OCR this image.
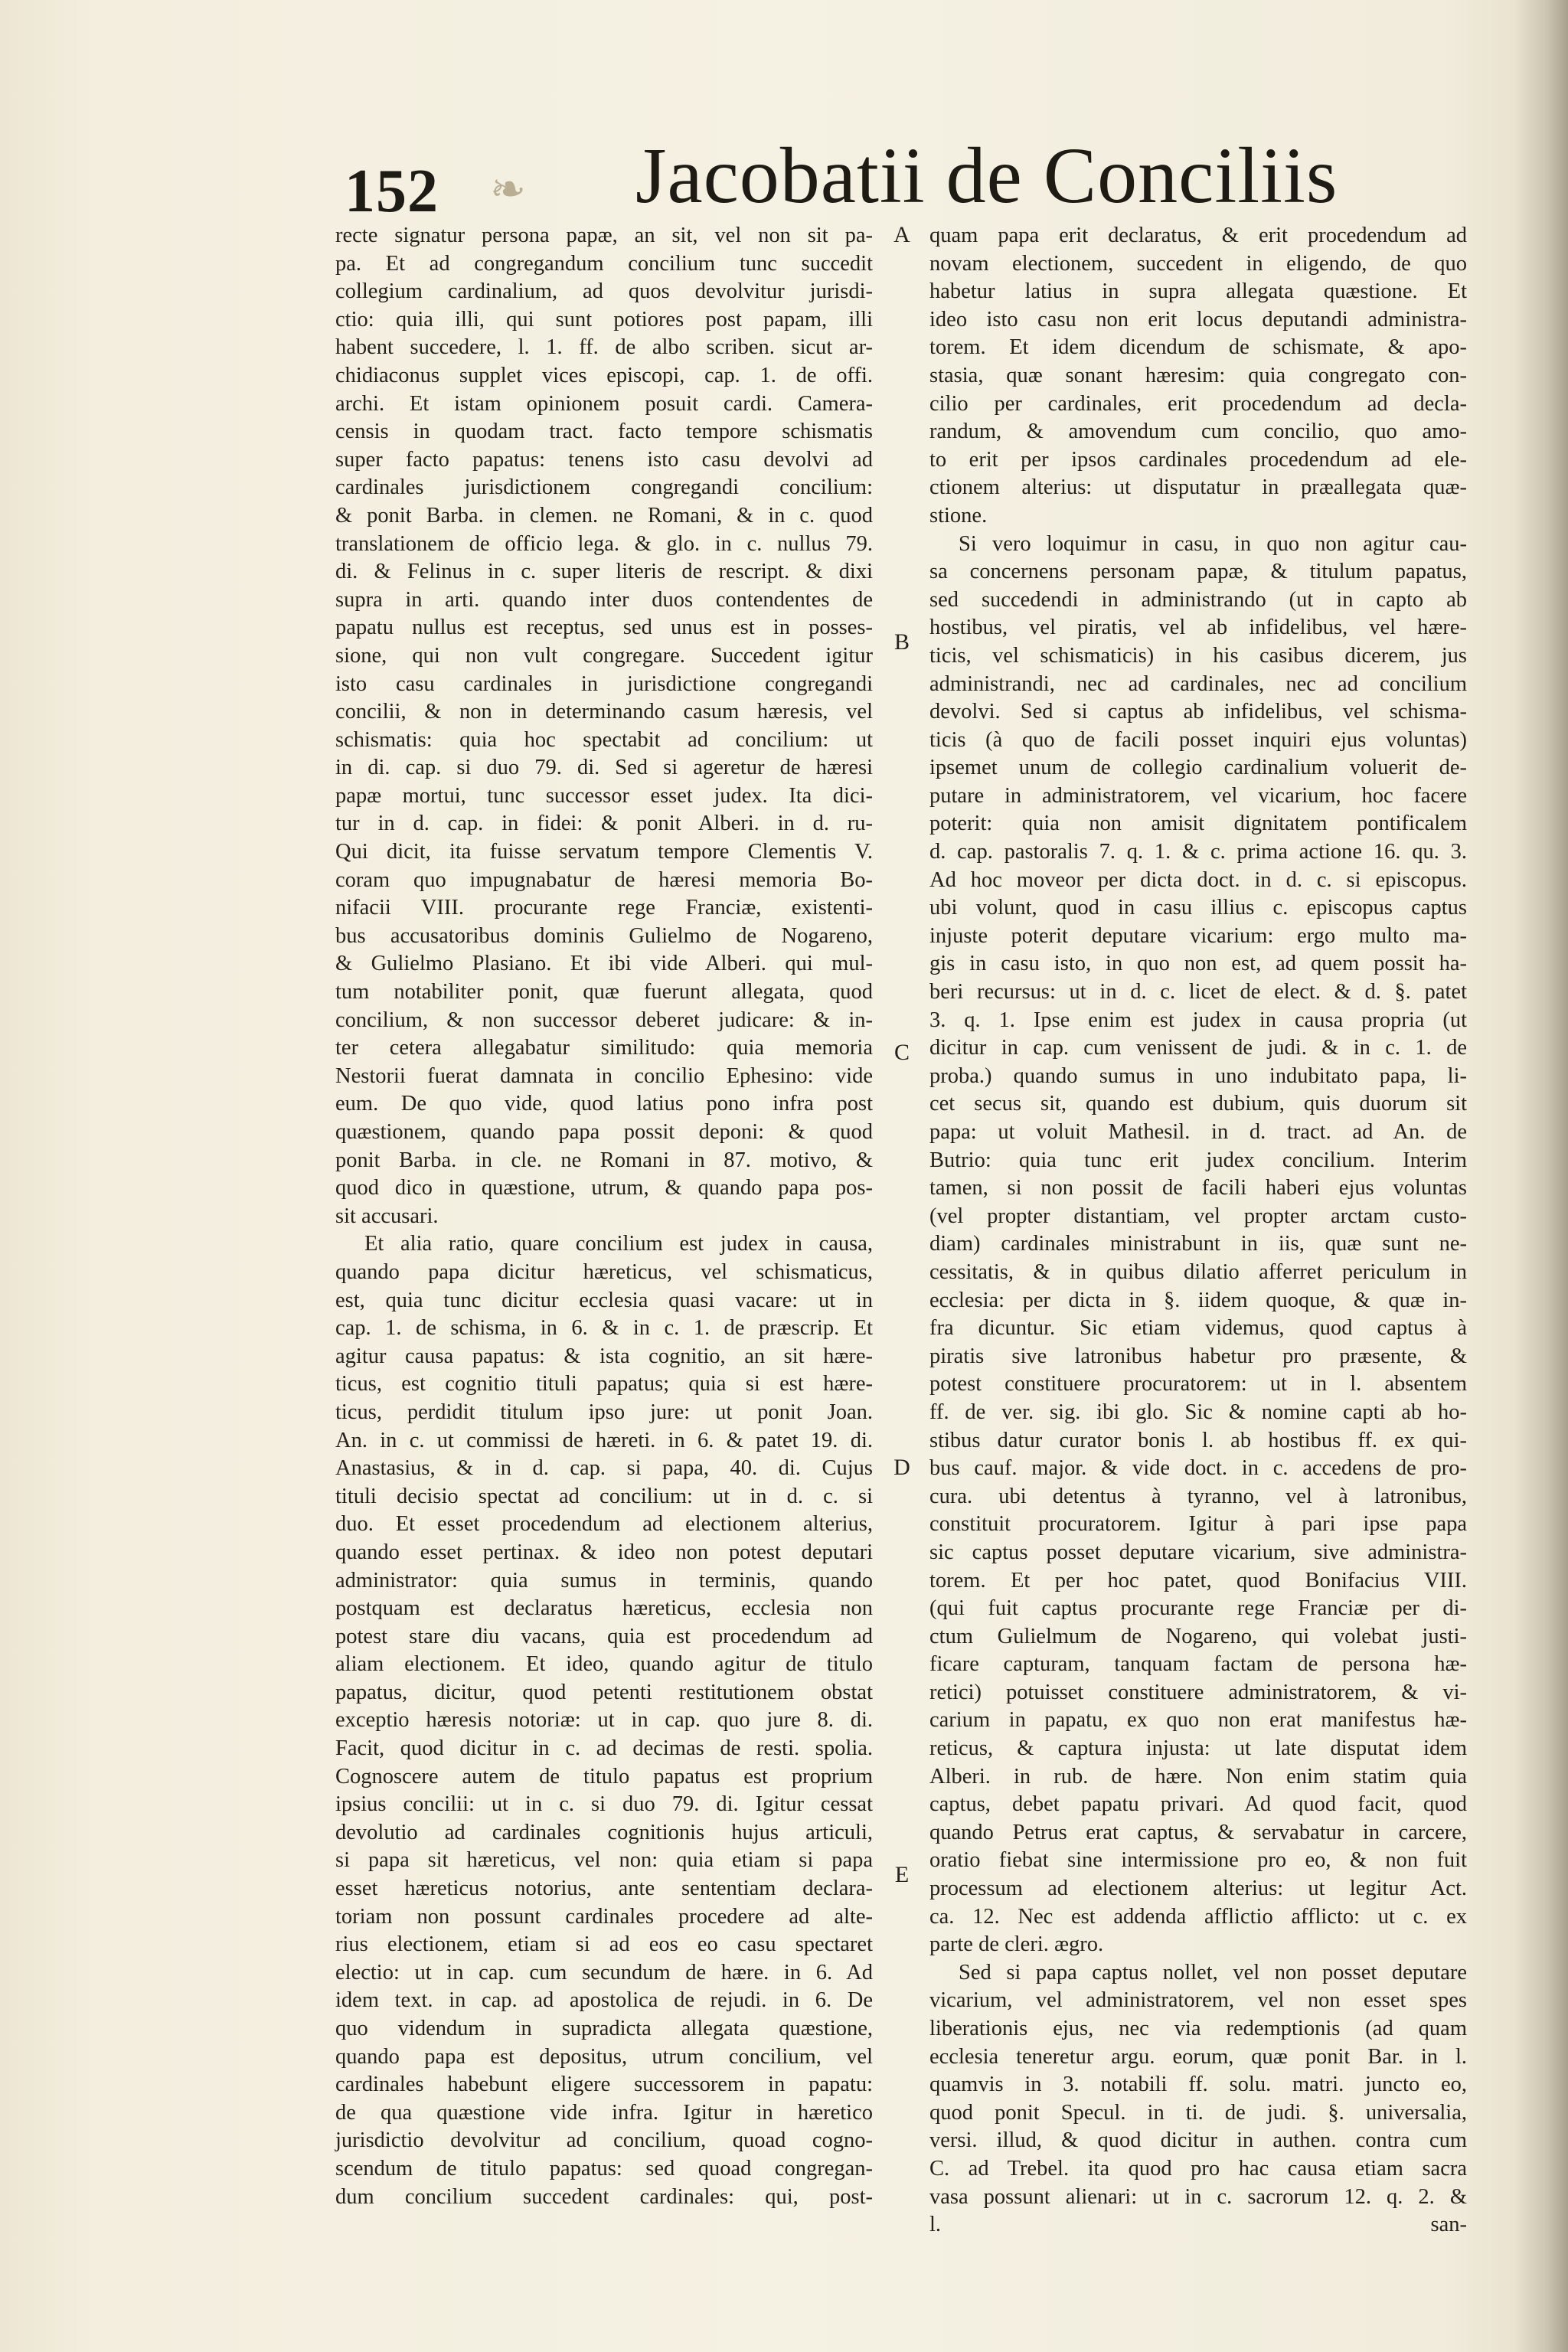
152 ❧ Jacobatii de Conciliis
recte signatur persona papæ, an sit, vel non sit pa-
pa. Et ad congregandum concilium tunc succedit
collegium cardinalium, ad quos devolvitur jurisdi-
ctio: quia illi, qui sunt potiores post papam, illi
habent succedere, l. 1. ff. de albo scriben. sicut ar-
chidiaconus supplet vices episcopi, cap. 1. de offi.
archi. Et istam opinionem posuit cardi. Camera-
censis in quodam tract. facto tempore schismatis
super facto papatus: tenens isto casu devolvi ad
cardinales jurisdictionem congregandi concilium:
& ponit Barba. in clemen. ne Romani, & in c. quod
translationem de officio lega. & glo. in c. nullus 79.
di. & Felinus in c. super literis de rescript. & dixi
supra in arti. quando inter duos contendentes de
papatu nullus est receptus, sed unus est in posses-
sione, qui non vult congregare. Succedent igitur
isto casu cardinales in jurisdictione congregandi
concilii, & non in determinando casum hæresis, vel
schismatis: quia hoc spectabit ad concilium: ut
in di. cap. si duo 79. di. Sed si agеretur de hæresi
papæ mortui, tunc successor esset judex. Ita dici-
tur in d. cap. in fidei: & ponit Alberi. in d. ru-
Qui dicit, ita fuisse servatum tempore Clementis V.
coram quo impugnabatur de hæresi memoria Bo-
nifacii VIII. procurante rege Franciæ, existenti-
bus accusatoribus dominis Gulielmo de Nogareno,
& Gulielmo Plasiano. Et ibi vide Alberi. qui mul-
tum notabiliter ponit, quæ fuerunt allegata, quod
concilium, & non successor deberet judicare: & in-
ter cetera allegabatur similitudo: quia memoria
Nestorii fuerat damnata in concilio Ephesino: vide
eum. De quo vide, quod latius pono infra post
quæstionem, quando papa possit deponi: & quod
ponit Barba. in cle. ne Romani in 87. motivo, &
quod dico in quæstione, utrum, & quando papa pos-
sit accusari.
Et alia ratio, quare concilium est judex in causa,
quando papa dicitur hæreticus, vel schismaticus,
est, quia tunc dicitur ecclesia quasi vacare: ut in
cap. 1. de schisma, in 6. & in c. 1. de præscrip. Et
agitur causa papatus: & ista cognitio, an sit hære-
ticus, est cognitio tituli papatus; quia si est hære-
ticus, perdidit titulum ipso jure: ut ponit Joan.
An. in c. ut commissi de hæreti. in 6. & patet 19. di.
Anastasius, & in d. cap. si papa, 40. di. Cujus
tituli decisio spectat ad concilium: ut in d. c. si
duo. Et esset procedendum ad electionem alterius,
quando esset pertinax. & ideo non potest deputari
administrator: quia sumus in terminis, quando
postquam est declaratus hæreticus, ecclesia non
potest stare diu vacans, quia est procedendum ad
aliam electionem. Et ideo, quando agitur de titulo
papatus, dicitur, quod petenti restitutionem obstat
exceptio hæresis notoriæ: ut in cap. quo jure 8. di.
Facit, quod dicitur in c. ad decimas de resti. spolia.
Cognoscere autem de titulo papatus est proprium
ipsius concilii: ut in c. si duo 79. di. Igitur cessat
devolutio ad cardinales cognitionis hujus articuli,
si papa sit hæreticus, vel non: quia etiam si papa
esset hæreticus notorius, ante sententiam declara-
toriam non possunt cardinales procedere ad alte-
rius electionem, etiam si ad eos eo casu spectaret
electio: ut in cap. cum secundum de hære. in 6. Ad
idem text. in cap. ad apostolica de rejudi. in 6. De
quo videndum in supradicta allegata quæstione,
quando papa est depositus, utrum concilium, vel
cardinales habebunt eligere successorem in papatu:
de qua quæstione vide infra. Igitur in hæretico
jurisdictio devolvitur ad concilium, quoad cogno-
scendum de titulo papatus: sed quoad congregan-
dum concilium succedent cardinales: qui, post-
quam papa erit declaratus, & erit procedendum ad
novam electionem, succedent in eligendo, de quo
habetur latius in supra allegata quæstione. Et
ideo isto casu non erit locus deputandi administra-
torem. Et idem dicendum de schismate, & apo-
stasia, quæ sonant hæresim: quia congregato con-
cilio per cardinales, erit procedendum ad decla-
randum, & amovendum cum concilio, quo amo-
to erit per ipsos cardinales procedendum ad ele-
ctionem alterius: ut disputatur in præallegata quæ-
stione.
Si vero loquimur in casu, in quo non agitur cau-
sa concernens personam papæ, & titulum papatus,
sed succedendi in administrando (ut in capto ab
hostibus, vel piratis, vel ab infidelibus, vel hære-
ticis, vel schismaticis) in his casibus dicerem, jus
administrandi, nec ad cardinales, nec ad concilium
devolvi. Sed si captus ab infidelibus, vel schisma-
ticis (à quo de facili posset inquiri ejus voluntas)
ipsemet unum de collegio cardinalium voluerit de-
putare in administratorem, vel vicarium, hoc facere
poterit: quia non amisit dignitatem pontificalem
d. cap. pastoralis 7. q. 1. & c. prima actione 16. qu. 3.
Ad hoc moveor per dicta doct. in d. c. si episcopus.
ubi volunt, quod in casu illius c. episcopus captus
injuste poterit deputare vicarium: ergo multo ma-
gis in casu isto, in quo non est, ad quem possit ha-
beri recursus: ut in d. c. licet de elect. & d. §. patet
3. q. 1. Ipse enim est judex in causa propria (ut
dicitur in cap. cum venissent de judi. & in c. 1. de
proba.) quando sumus in uno indubitato papa, li-
cet secus sit, quando est dubium, quis duorum sit
papa: ut voluit Mathesil. in d. tract. ad An. de
Butrio: quia tunc erit judex concilium. Interim
tamen, si non possit de facili haberi ejus voluntas
(vel propter distantiam, vel propter arctam custo-
diam) cardinales ministrabunt in iis, quæ sunt ne-
cessitatis, & in quibus dilatio afferret periculum in
ecclesia: per dicta in §. iidem quoque, & quæ in-
fra dicuntur. Sic etiam videmus, quod captus à
piratis sive latronibus habetur pro præsente, &
potest constituere procuratorem: ut in l. absentem
ff. de ver. sig. ibi glo. Sic & nomine capti ab ho-
stibus datur curator bonis l. ab hostibus ff. ex qui-
bus cauf. major. & vide doct. in c. accedens de pro-
cura. ubi detentus à tyranno, vel à latronibus,
constituit procuratorem. Igitur à pari ipse papa
sic captus posset deputare vicarium, sive administra-
torem. Et per hoc patet, quod Bonifacius VIII.
(qui fuit captus procurante rege Franciæ per di-
ctum Gulielmum de Nogareno, qui volebat justi-
ficare capturam, tanquam factam de persona hæ-
retici) potuisset constituere administratorem, & vi-
carium in papatu, ex quo non erat manifestus hæ-
reticus, & captura injusta: ut late disputat idem
Alberi. in rub. de hære. Non enim statim quia
captus, debet papatu privari. Ad quod facit, quod
quando Petrus erat captus, & servabatur in carcere,
oratio fiebat sine intermissione pro eo, & non fuit
processum ad electionem alterius: ut legitur Act.
ca. 12. Nec est addenda afflictio afflicto: ut c. ex
parte de cleri. ægro.
Sed si papa captus nollet, vel non posset deputare
vicarium, vel administratorem, vel non esset spes
liberationis ejus, nec via redemptionis (ad quam
ecclesia teneretur argu. eorum, quæ ponit Bar. in l.
quamvis in 3. notabili ff. solu. matri. juncto eo,
quod ponit Specul. in ti. de judi. §. universalia,
versi. illud, & quod dicitur in authen. contra cum
C. ad Trebel. ita quod pro hac causa etiam sacra
vasa possunt alienari: ut in c. sacrorum 12. q. 2. &
l. san-
A
B
C
D
E
